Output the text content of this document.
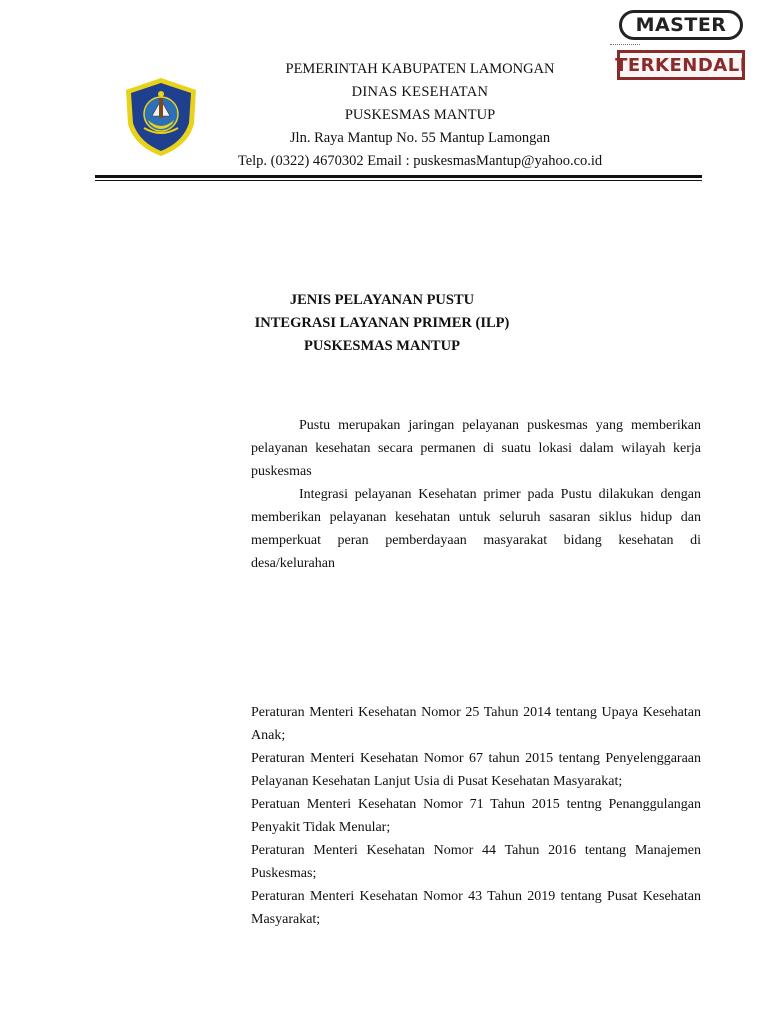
MASTER
TERKENDALI
PEMERINTAH KABUPATEN LAMONGAN
DINAS KESEHATAN
PUSKESMAS MANTUP
Jln. Raya Mantup No. 55 Mantup Lamongan
Telp. (0322) 4670302 Email : puskesmasMantup@yahoo.co.id
JENIS PELAYANAN PUSTU
INTEGRASI LAYANAN PRIMER (ILP)
PUSKESMAS MANTUP
Pustu merupakan jaringan pelayanan puskesmas yang memberikan pelayanan kesehatan secara permanen di suatu lokasi dalam wilayah kerja puskesmas
Integrasi pelayanan Kesehatan primer pada Pustu dilakukan dengan memberikan pelayanan kesehatan untuk seluruh sasaran siklus hidup dan memperkuat peran pemberdayaan masyarakat bidang kesehatan di desa/kelurahan
Peraturan Menteri Kesehatan Nomor 25 Tahun 2014 tentang Upaya Kesehatan Anak;
Peraturan Menteri Kesehatan Nomor 67 tahun 2015 tentang Penyelenggaraan Pelayanan Kesehatan Lanjut Usia di Pusat Kesehatan Masyarakat;
Peratuan Menteri Kesehatan Nomor 71 Tahun 2015 tentng Penanggulangan Penyakit Tidak Menular;
Peraturan Menteri Kesehatan Nomor 44 Tahun 2016 tentang Manajemen Puskesmas;
Peraturan Menteri Kesehatan Nomor 43 Tahun 2019 tentang Pusat Kesehatan Masyarakat;
